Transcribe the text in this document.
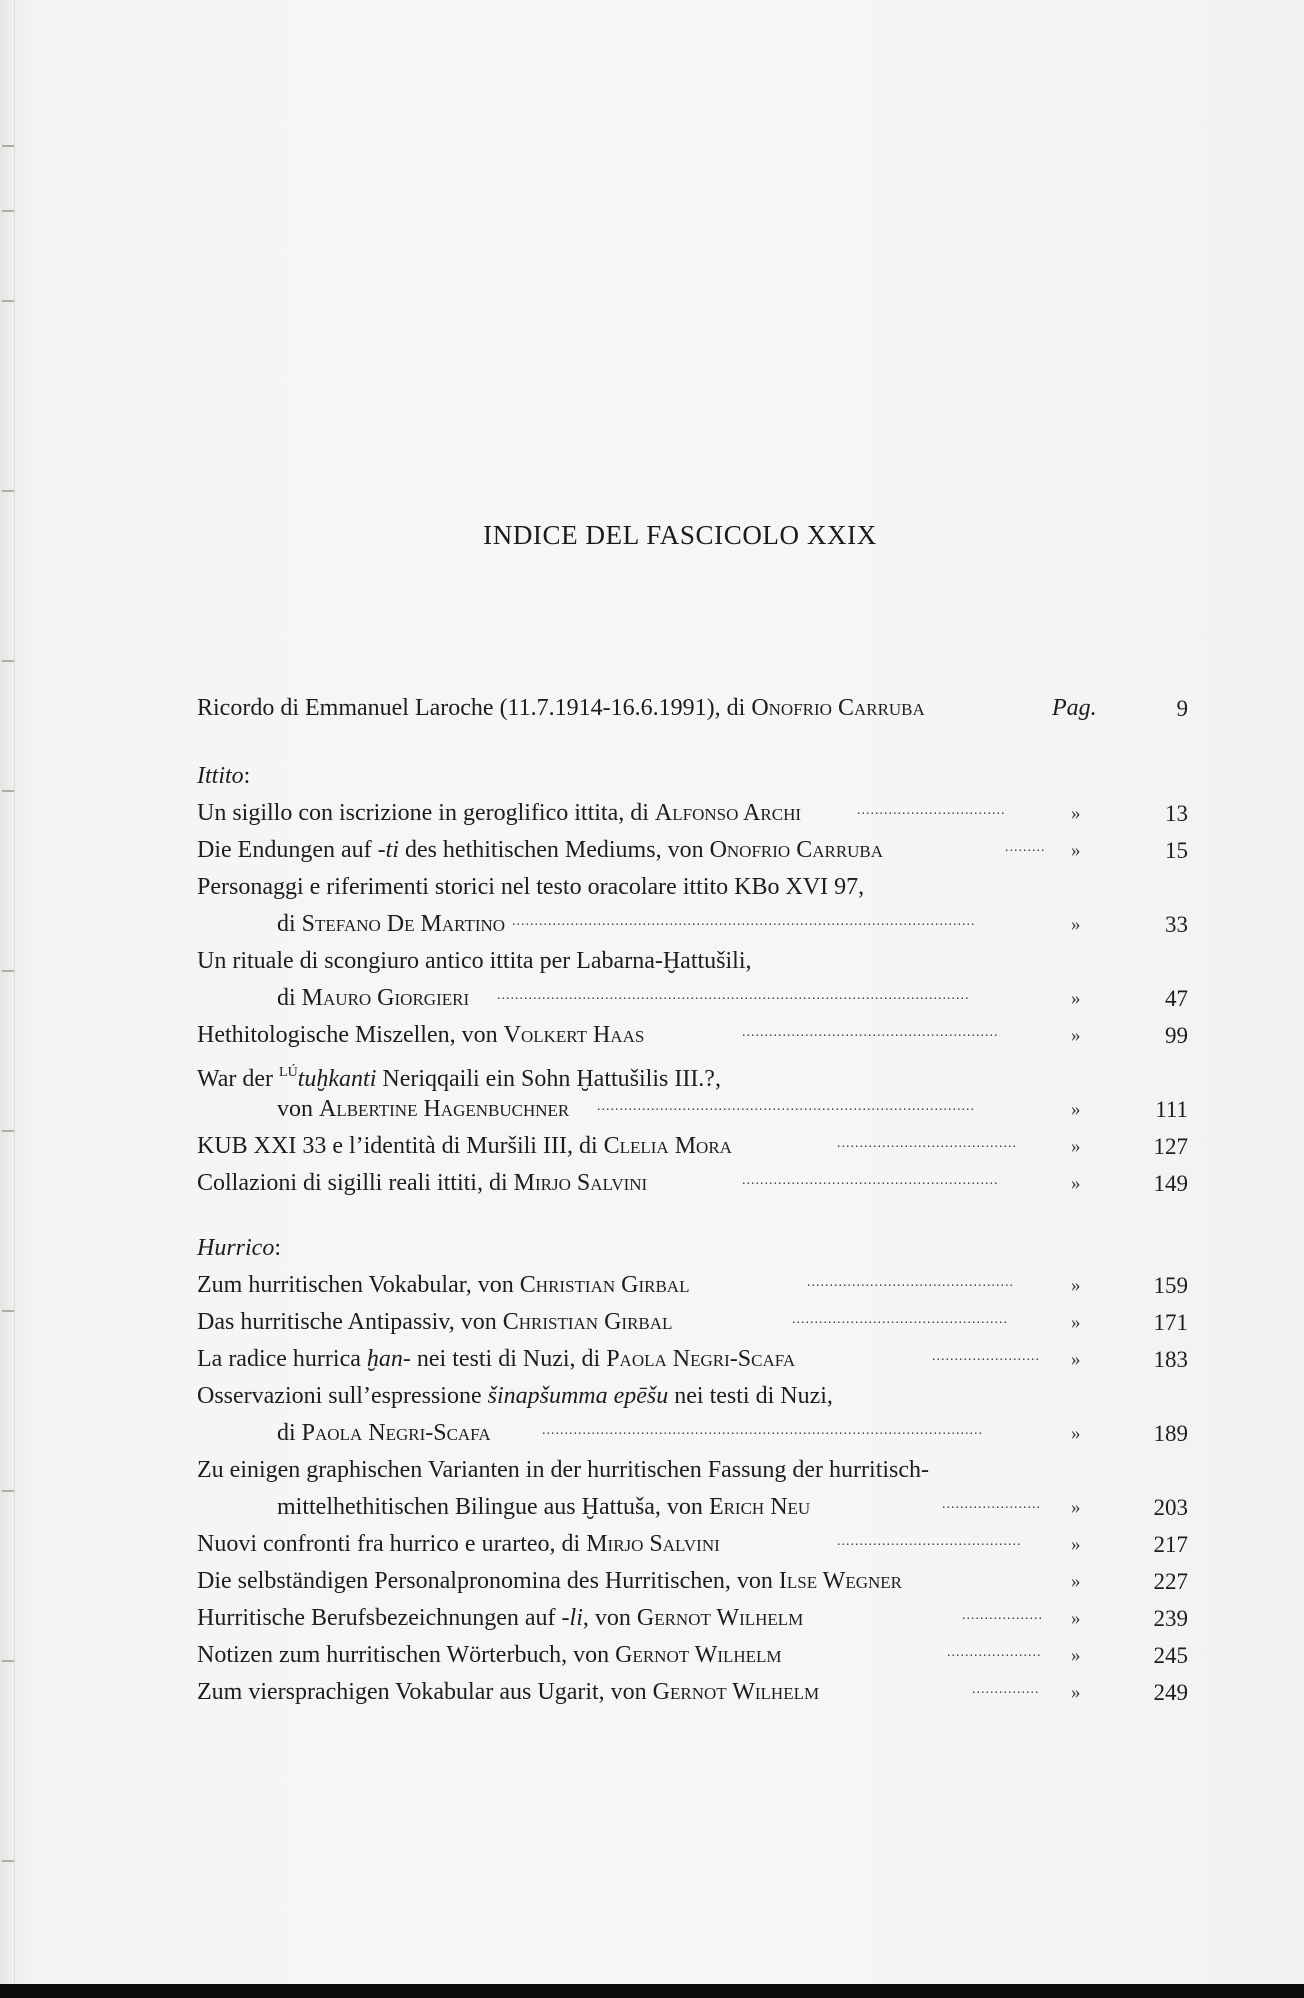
INDICE DEL FASCICOLO XXIX
Ricordo di Emmanuel Laroche (11.7.1914-16.6.1991), di Onofrio Carruba	Pag.	9
Ittito:
Un sigillo con iscrizione in geroglifico ittita, di Alfonso Archi	.................................	»	13
Die Endungen auf -ti des hethitischen Mediums, von Onofrio Carruba	.........	»	15
Personaggi e riferimenti storici nel testo oracolare ittito KBo XVI 97,
di Stefano De Martino .......................................................................................................	»	33
Un rituale di scongiuro antico ittita per Labarna-Ḫattušili,
di Mauro Giorgieri .........................................................................................................	»	47
Hethitologische Miszellen, von Volkert Haas	.........................................................	»	99
War der $^{LÚ}$tuḫkanti Neriqqaili ein Sohn Ḫattušilis III.?,
von Albertine Hagenbuchner ....................................................................................	»	111
KUB XXI 33 e l’identità di Muršili III, di Clelia Mora	........................................	»	127
Collazioni di sigilli reali ittiti, di Mirjo Salvini	.........................................................	»	149
Hurrico:
Zum hurritischen Vokabular, von Christian Girbal	..............................................	»	159
Das hurritische Antipassiv, von Christian Girbal	................................................	»	171
La radice hurrica ḫan- nei testi di Nuzi, di Paola Negri-Scafa	........................	»	183
Osservazioni sull’espressione šinapšumma epēšu nei testi di Nuzi,
di Paola Negri-Scafa	..................................................................................................	»	189
Zu einigen graphischen Varianten in der hurritischen Fassung der hurritisch-
mittelhethitischen Bilingue aus Ḫattuša, von Erich Neu	......................	»	203
Nuovi confronti fra hurrico e urarteo, di Mirjo Salvini	.........................................	»	217
Die selbständigen Personalpronomina des Hurritischen, von Ilse Wegner	»	227
Hurritische Berufsbezeichnungen auf -li, von Gernot Wilhelm	..................	»	239
Notizen zum hurritischen Wörterbuch, von Gernot Wilhelm	.....................	»	245
Zum viersprachigen Vokabular aus Ugarit, von Gernot Wilhelm	...............	»	249
